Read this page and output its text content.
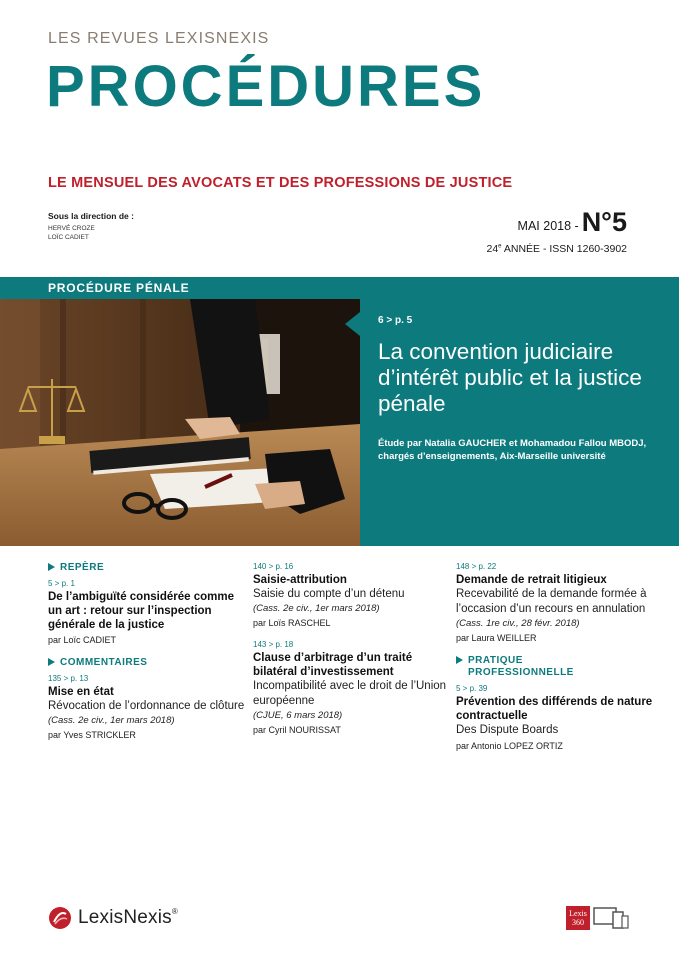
LES REVUES LEXISNEXIS
PROCÉDURES
LE MENSUEL DES AVOCATS ET DES PROFESSIONS DE JUSTICE
Sous la direction de :
HERVÉ CROZE
LOÏC CADIET
MAI 2018 - N°5
24e ANNÉE - ISSN 1260-3902
PROCÉDURE PÉNALE
6 > p. 5
La convention judiciaire d’intérêt public et la justice pénale
Étude par Natalia GAUCHER et Mohamadou Fallou MBODJ, chargés d’enseignements, Aix-Marseille université
REPÈRE
5 > p. 1
De l’ambiguïté considérée comme un art : retour sur l’inspection générale de la justice
par Loïc CADIET
COMMENTAIRES
135 > p. 13
Mise en état
Révocation de l’ordonnance de clôture
(Cass. 2e civ., 1er mars 2018)
par Yves STRICKLER
140 > p. 16
Saisie-attribution
Saisie du compte d’un détenu
(Cass. 2e civ., 1er mars 2018)
par Loïs RASCHEL
143 > p. 18
Clause d’arbitrage d’un traité bilatéral d’investissement
Incompatibilité avec le droit de l’Union européenne
(CJUE, 6 mars 2018)
par Cyril NOURISSAT
148 > p. 22
Demande de retrait litigieux
Recevabilité de la demande formée à l’occasion d’un recours en annulation
(Cass. 1re civ., 28 févr. 2018)
par Laura WEILLER
PRATIQUE
PROFESSIONNELLE
5 > p. 39
Prévention des différends de nature contractuelle
Des Dispute Boards
par Antonio LOPEZ ORTIZ
LexisNexis®	Lexis
360
